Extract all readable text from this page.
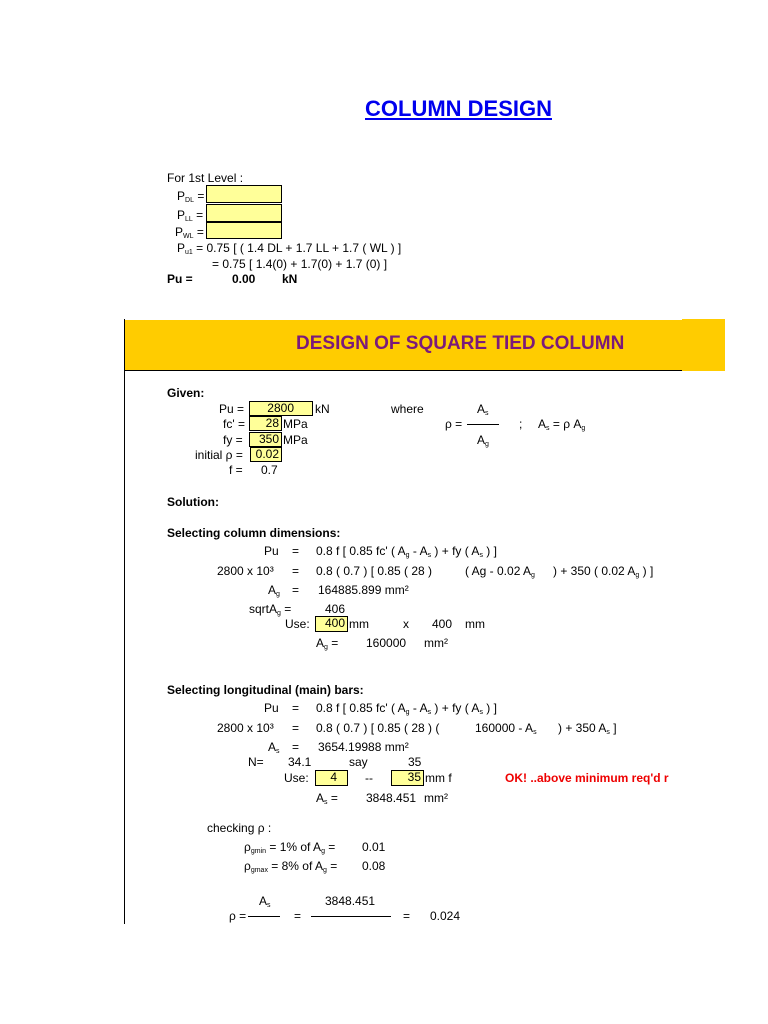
COLUMN DESIGN
For 1st Level :
$P_{DL}$ =
$P_{LL}$ =
$P_{WL}$ =
$P_{u1} = 0.75$ [ ( 1.4 DL + 1.7 LL + 1.7 ( WL ) ]
= 0.75 [ 1.4(0) + 1.7(0) + 1.7 (0) ]
Pu =	0.00 kN
DESIGN OF SQUARE TIED COLUMN
Given:
Pu = 2800 kN
fc' = 28 MPa
fy = 350 MPa
initial ρ = 0.02
f = 0.7
where	$A_s$
ρ =
$A_g$
; $A_s = \rho$ $A_g$
Solution:
Selecting column dimensions:
Pu = 0.8 f [ 0.85 fc' ( $A_g - A_s$ ) + fy ( $A_s$ ) ]
2800 x 10³ = 0.8 ( 0.7 ) [ 0.85 ( 28 )	( Ag - 0.02 $A_g$ ) + 350 ( 0.02 $A_g$ ) ]
$A_g = 164885.899$ mm²
sqrtA$_g$ =	406
Use: 400 mm	x 400 mm
$A_g = 160000$ mm²
Selecting longitudinal (main) bars:
Pu = 0.8 f [ 0.85 fc' ( $A_g - A_s$ ) + fy ( $A_s$ ) ]
2800 x 10³ = 0.8 ( 0.7 ) [ 0.85 ( 28 ) (	$160000 - A_s$ ) + 350 $A_s$ ]
$A_s = 3654.19988$ mm²
N= 34.1	say	35
Use: 4 --	35 mm f	OK! ..above minimum req'd r
$A_s = 3848.451$ mm²
checking ρ :
$\rho_{gmin} = 1\%$ of $A_g = 0.01$
$\rho_{gmax} = 8\%$ of $A_g = 0.08$
$A_s$	3848.451
ρ =	=	= 0.024
